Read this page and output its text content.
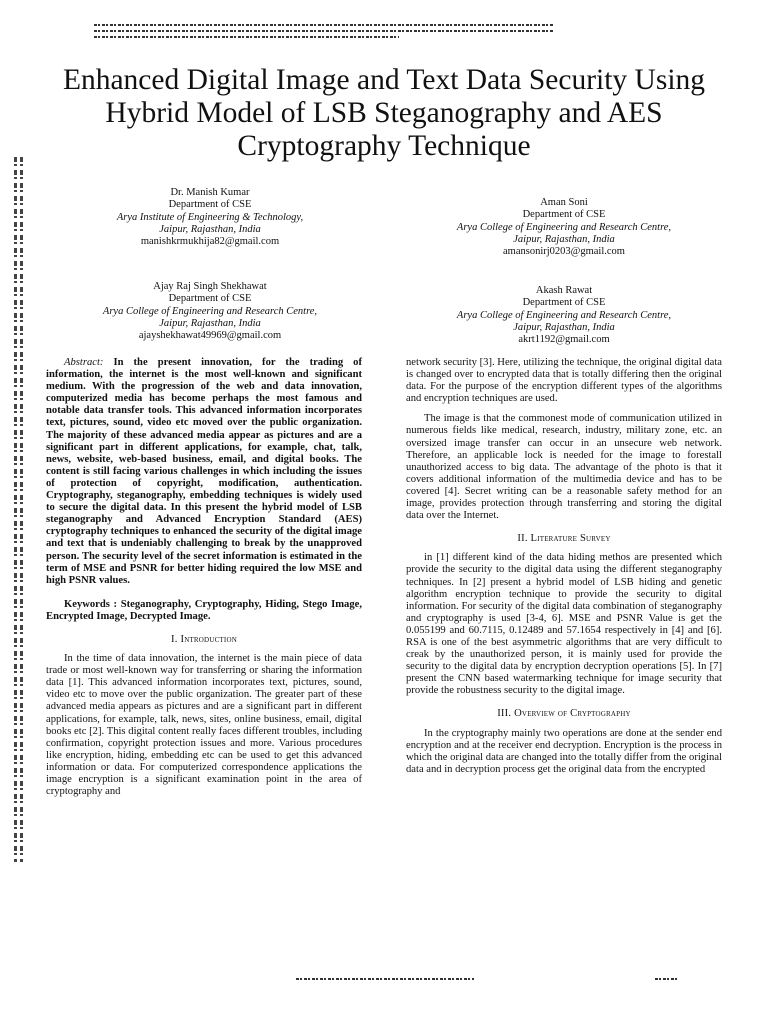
Enhanced Digital Image and Text Data Security Using Hybrid Model of LSB Steganography and AES Cryptography Technique
Dr. Manish Kumar
Department of CSE
Arya Institute of Engineering & Technology,
Jaipur, Rajasthan, India
manishkrmukhija82@gmail.com
Aman Soni
Department of CSE
Arya College of Engineering and Research Centre,
Jaipur, Rajasthan, India
amansonirj0203@gmail.com
Ajay Raj Singh Shekhawat
Department of CSE
Arya College of Engineering and Research Centre,
Jaipur, Rajasthan, India
ajayshekhawat49969@gmail.com
Akash Rawat
Department of CSE
Arya College of Engineering and Research Centre,
Jaipur, Rajasthan, India
akrt1192@gmail.com

Abstract: In the present innovation, for the trading of information, the internet is the most well-known and significant medium. With the progression of the web and data innovation, computerized media has become perhaps the most famous and notable data transfer tools. This advanced information incorporates text, pictures, sound, video etc moved over the public organization. The majority of these advanced media appear as pictures and are a significant part in different applications, for example, chat, talk, news, website, web-based business, email, and digital books. The content is still facing various challenges in which including the issues of protection of copyright, modification, authentication. Cryptography, steganography, embedding techniques is widely used to secure the digital data. In this present the hybrid model of LSB steganography and Advanced Encryption Standard (AES) cryptography techniques to enhanced the security of the digital image and text that is undeniably challenging to break by the unapproved person. The security level of the secret information is estimated in the term of MSE and PSNR for better hiding required the low MSE and high PSNR values.

Keywords : Steganography, Cryptography, Hiding, Stego Image, Encrypted Image, Decrypted Image.

I. Introduction

In the time of data innovation, the internet is the main piece of data trade or most well-known way for transferring or sharing the information data [1]. This advanced information incorporates text, pictures, sound, video etc to move over the public organization. The greater part of these advanced media appears as pictures and are a significant part in different applications, for example, talk, news, sites, online business, email, digital books etc [2]. This digital content really faces different troubles, including confirmation, copyright protection issues and more. Various procedures like encryption, hiding, embedding etc can be used to get this advanced information or data. For computerized correspondence applications the image encryption is a significant examination point in the area of cryptography and

network security [3]. Here, utilizing the technique, the original digital data is changed over to encrypted data that is totally differing then the original data. For the purpose of the encryption different types of the algorithms and encryption techniques are used.

The image is that the commonest mode of communication utilized in numerous fields like medical, research, industry, military zone, etc. an oversized image transfer can occur in an unsecure web network. Therefore, an applicable lock is needed for the image to forestall unauthorized access to big data. The advantage of the photo is that it covers additional information of the multimedia device and has to be covered [4]. Secret writing can be a reasonable safety method for an image, provides protection through transferring and storing the digital data over the Internet.

II. Literature Survey

in [1] different kind of the data hiding methos are presented which provide the security to the digital data using the different steganography techniques. In [2] present a hybrid model of LSB hiding and genetic algorithm encryption technique to provide the security to digital information. For security of the digital data combination of steganography and cryptography is used [3-4, 6]. MSE and PSNR Value is get the 0.055199 and 60.7115, 0.12489 and 57.1654 respectively in [4] and [6]. RSA is one of the best asymmetric algorithms that are very difficult to creak by the unauthorized person, it is mainly used for provide the security to the digital data by encryption decryption operations [5]. In [7] present the CNN based watermarking technique for image security that provide the robustness security to the digital image.

III. Overview of Cryptography

In the cryptography mainly two operations are done at the sender end encryption and at the receiver end decryption. Encryption is the process in which the original data are changed into the totally differ from the original data and in decryption process get the original data from the encrypted
